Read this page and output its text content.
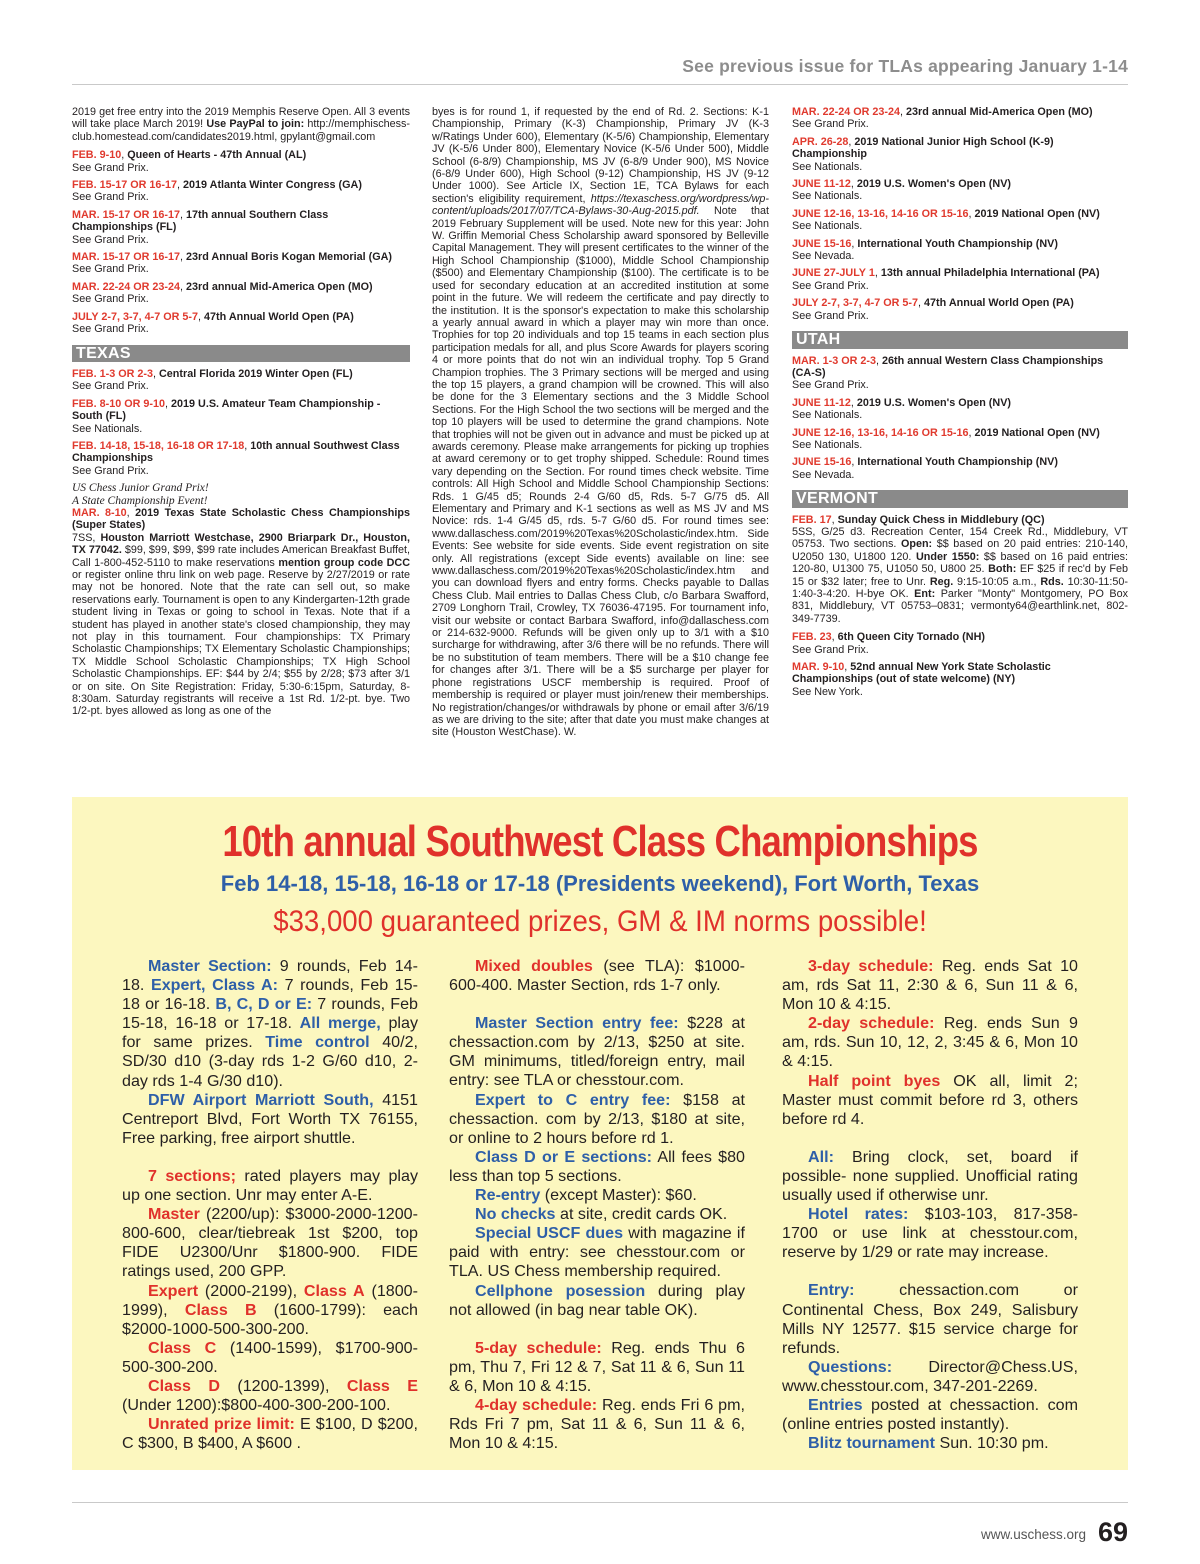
See previous issue for TLAs appearing January 1-14

2019 get free entry into the 2019 Memphis Reserve Open. All 3 events will take place March 2019! Use PayPal to join: http://memphischess-club.homestead.com/candidates2019.html, gpylant@gmail.com

FEB. 9-10, Queen of Hearts - 47th Annual (AL)
See Grand Prix.

FEB. 15-17 OR 16-17, 2019 Atlanta Winter Congress (GA)
See Grand Prix.

MAR. 15-17 OR 16-17, 17th annual Southern Class Championships (FL)
See Grand Prix.

MAR. 15-17 OR 16-17, 23rd Annual Boris Kogan Memorial (GA)
See Grand Prix.

MAR. 22-24 OR 23-24, 23rd annual Mid-America Open (MO)
See Grand Prix.

JULY 2-7, 3-7, 4-7 OR 5-7, 47th Annual World Open (PA)
See Grand Prix.

TEXAS

FEB. 1-3 OR 2-3, Central Florida 2019 Winter Open (FL)
See Grand Prix.

FEB. 8-10 OR 9-10, 2019 U.S. Amateur Team Championship - South (FL)
See Nationals.

FEB. 14-18, 15-18, 16-18 OR 17-18, 10th annual Southwest Class Championships
See Grand Prix.

US Chess Junior Grand Prix!
A State Championship Event!

MAR. 8-10, 2019 Texas State Scholastic Chess Championships (Super States)
7SS, Houston Marriott Westchase, 2900 Briarpark Dr., Houston, TX 77042. $99, $99, $99, $99 rate includes American Breakfast Buffet, Call 1-800-452-5110 to make reservations mention group code DCC or register online thru link on web page. Reserve by 2/27/2019 or rate may not be honored. Note that the rate can sell out, so make reservations early. Tournament is open to any Kindergarten-12th grade student living in Texas or going to school in Texas. Note that if a student has played in another state's closed championship, they may not play in this tournament. Four championships: TX Primary Scholastic Championships; TX Elementary Scholastic Championships; TX Middle School Scholastic Championships; TX High School Scholastic Championships. EF: $44 by 2/4; $55 by 2/28; $73 after 3/1 or on site. On Site Registration: Friday, 5:30-6:15pm, Saturday, 8-8:30am. Saturday registrants will receive a 1st Rd. 1/2-pt. bye. Two 1/2-pt. byes allowed as long as one of the

byes is for round 1, if requested by the end of Rd. 2. Sections: K-1 Championship, Primary (K-3) Championship, Primary JV (K-3 w/Ratings Under 600), Elementary (K-5/6) Championship, Elementary JV (K-5/6 Under 800), Elementary Novice (K-5/6 Under 500), Middle School (6-8/9) Championship, MS JV (6-8/9 Under 900), MS Novice (6-8/9 Under 600), High School (9-12) Championship, HS JV (9-12 Under 1000). See Article IX, Section 1E, TCA Bylaws for each section's eligibility requirement, https://texaschess.org/wordpress/wp-content/uploads/2017/07/TCA-Bylaws-30-Aug-2015.pdf. Note that 2019 February Supplement will be used. Note new for this year: John W. Griffin Memorial Chess Scholarship award sponsored by Belleville Capital Management. They will present certificates to the winner of the High School Championship ($1000), Middle School Championship ($500) and Elementary Championship ($100). The certificate is to be used for secondary education at an accredited institution at some point in the future. We will redeem the certificate and pay directly to the institution. It is the sponsor's expectation to make this scholarship a yearly annual award in which a player may win more than once. Trophies for top 20 individuals and top 15 teams in each section plus participation medals for all, and plus Score Awards for players scoring 4 or more points that do not win an individual trophy. Top 5 Grand Champion trophies. The 3 Primary sections will be merged and using the top 15 players, a grand champion will be crowned. This will also be done for the 3 Elementary sections and the 3 Middle School Sections. For the High School the two sections will be merged and the top 10 players will be used to determine the grand champions. Note that trophies will not be given out in advance and must be picked up at awards ceremony. Please make arrangements for picking up trophies at award ceremony or to get trophy shipped. Schedule: Round times vary depending on the Section. For round times check website. Time controls: All High School and Middle School Championship Sections: Rds. 1 G/45 d5; Rounds 2-4 G/60 d5, Rds. 5-7 G/75 d5. All Elementary and Primary and K-1 sections as well as MS JV and MS Novice: rds. 1-4 G/45 d5, rds. 5-7 G/60 d5. For round times see: www.dallaschess.com/2019%20Texas%20Scholastic/index.htm. Side Events: See website for side events. Side event registration on site only. All registrations (except Side events) available on line: see www.dallaschess.com/2019%20Texas%20Scholastic/index.htm and you can download flyers and entry forms. Checks payable to Dallas Chess Club. Mail entries to Dallas Chess Club, c/o Barbara Swafford, 2709 Longhorn Trail, Crowley, TX 76036-47195. For tournament info, visit our website or contact Barbara Swafford, info@dallaschess.com or 214-632-9000. Refunds will be given only up to 3/1 with a $10 surcharge for withdrawing, after 3/6 there will be no refunds. There will be no substitution of team members. There will be a $10 change fee for changes after 3/1. There will be a $5 surcharge per player for phone registrations USCF membership is required. Proof of membership is required or player must join/renew their memberships. No registration/changes/or withdrawals by phone or email after 3/6/19 as we are driving to the site; after that date you must make changes at site (Houston WestChase). W.

MAR. 22-24 OR 23-24, 23rd annual Mid-America Open (MO)
See Grand Prix.

APR. 26-28, 2019 National Junior High School (K-9) Championship
See Nationals.

JUNE 11-12, 2019 U.S. Women's Open (NV)
See Nationals.

JUNE 12-16, 13-16, 14-16 OR 15-16, 2019 National Open (NV)
See Nationals.

JUNE 15-16, International Youth Championship (NV)
See Nevada.

JUNE 27-JULY 1, 13th annual Philadelphia International (PA)
See Grand Prix.

JULY 2-7, 3-7, 4-7 OR 5-7, 47th Annual World Open (PA)
See Grand Prix.

UTAH

MAR. 1-3 OR 2-3, 26th annual Western Class Championships (CA-S)
See Grand Prix.

JUNE 11-12, 2019 U.S. Women's Open (NV)
See Nationals.

JUNE 12-16, 13-16, 14-16 OR 15-16, 2019 National Open (NV)
See Nationals.

JUNE 15-16, International Youth Championship (NV)
See Nevada.

VERMONT

FEB. 17, Sunday Quick Chess in Middlebury (QC)
5SS, G/25 d3. Recreation Center, 154 Creek Rd., Middlebury, VT 05753. Two sections. Open: $$ based on 20 paid entries: 210-140, U2050 130, U1800 120. Under 1550: $$ based on 16 paid entries: 120-80, U1300 75, U1050 50, U800 25. Both: EF $25 if rec'd by Feb 15 or $32 later; free to Unr. Reg. 9:15-10:05 a.m., Rds. 10:30-11:50-1:40-3-4:20. H-bye OK. Ent: Parker "Monty" Montgomery, PO Box 831, Middlebury, VT 05753–0831; vermonty64@earthlink.net, 802-349-7739.

FEB. 23, 6th Queen City Tornado (NH)
See Grand Prix.

MAR. 9-10, 52nd annual New York State Scholastic Championships (out of state welcome) (NY)
See New York.

10th annual Southwest Class Championships
Feb 14-18, 15-18, 16-18 or 17-18 (Presidents weekend), Fort Worth, Texas
$33,000 guaranteed prizes, GM & IM norms possible!

Master Section: 9 rounds, Feb 14-18. Expert, Class A: 7 rounds, Feb 15-18 or 16-18. B, C, D or E: 7 rounds, Feb 15-18, 16-18 or 17-18. All merge, play for same prizes. Time control 40/2, SD/30 d10 (3-day rds 1-2 G/60 d10, 2-day rds 1-4 G/30 d10).

DFW Airport Marriott South, 4151 Centreport Blvd, Fort Worth TX 76155, Free parking, free airport shuttle.

7 sections; rated players may play up one section. Unr may enter A-E.

Master (2200/up): $3000-2000-1200-800-600, clear/tiebreak 1st $200, top FIDE U2300/Unr $1800-900. FIDE ratings used, 200 GPP.

Expert (2000-2199), Class A (1800-1999), Class B (1600-1799): each $2000-1000-500-300-200.

Class C (1400-1599), $1700-900-500-300-200.

Class D (1200-1399), Class E (Under 1200):$800-400-300-200-100.

Unrated prize limit: E $100, D $200, C $300, B $400, A $600 .

Mixed doubles (see TLA): $1000-600-400. Master Section, rds 1-7 only.

Master Section entry fee: $228 at chessaction.com by 2/13, $250 at site. GM minimums, titled/foreign entry, mail entry: see TLA or chesstour.com.

Expert to C entry fee: $158 at chessaction. com by 2/13, $180 at site, or online to 2 hours before rd 1.

Class D or E sections: All fees $80 less than top 5 sections.

Re-entry (except Master): $60.

No checks at site, credit cards OK.

Special USCF dues with magazine if paid with entry: see chesstour.com or TLA. US Chess membership required.

Cellphone posession during play not allowed (in bag near table OK).

5-day schedule: Reg. ends Thu 6 pm, Thu 7, Fri 12 & 7, Sat 11 & 6, Sun 11 & 6, Mon 10 & 4:15.

4-day schedule: Reg. ends Fri 6 pm, Rds Fri 7 pm, Sat 11 & 6, Sun 11 & 6, Mon 10 & 4:15.

3-day schedule: Reg. ends Sat 10 am, rds Sat 11, 2:30 & 6, Sun 11 & 6, Mon 10 & 4:15.

2-day schedule: Reg. ends Sun 9 am, rds. Sun 10, 12, 2, 3:45 & 6, Mon 10 & 4:15.

Half point byes OK all, limit 2; Master must commit before rd 3, others before rd 4.

All: Bring clock, set, board if possible- none supplied. Unofficial rating usually used if otherwise unr.

Hotel rates: $103-103, 817-358-1700 or use link at chesstour.com, reserve by 1/29 or rate may increase.

Entry:	chessaction.com or Continental Chess, Box 249, Salisbury Mills NY 12577. $15 service charge for refunds.

Questions: Director@Chess.US, www.chesstour.com, 347-201-2269.

Entries posted at chessaction. com (online entries posted instantly).

Blitz tournament Sun. 10:30 pm.

www.uschess.org 69
